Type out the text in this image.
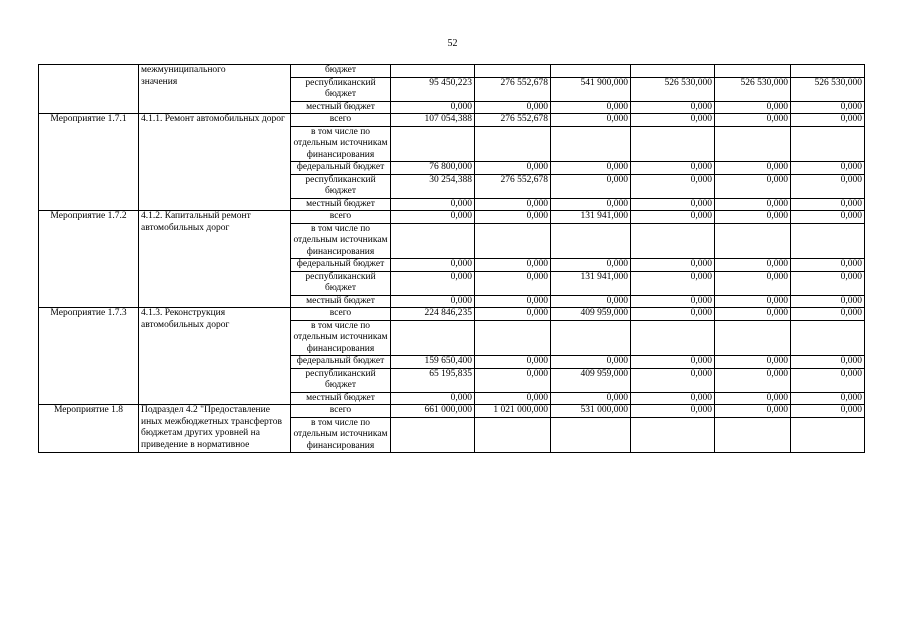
52

	межмуниципального
значения	бюджет						
		республиканский бюджет	95 450,223	276 552,678	541 900,000	526 530,000	526 530,000	526 530,000
		местный бюджет	0,000	0,000	0,000	0,000	0,000	0,000
Мероприятие 1.7.1	4.1.1. Ремонт автомобильных дорог	всего	107 054,388	276 552,678	0,000	0,000	0,000	0,000
		в том числе по отдельным источникам финансирования						
		федеральный бюджет	76 800,000	0,000	0,000	0,000	0,000	0,000
		республиканский бюджет	30 254,388	276 552,678	0,000	0,000	0,000	0,000
		местный бюджет	0,000	0,000	0,000	0,000	0,000	0,000
Мероприятие 1.7.2	4.1.2. Капитальный ремонт автомобильных дорог	всего	0,000	0,000	131 941,000	0,000	0,000	0,000
		в том числе по отдельным источникам финансирования						
		федеральный бюджет	0,000	0,000	0,000	0,000	0,000	0,000
		республиканский бюджет	0,000	0,000	131 941,000	0,000	0,000	0,000
		местный бюджет	0,000	0,000	0,000	0,000	0,000	0,000
Мероприятие 1.7.3	4.1.3. Реконструкция автомобильных дорог	всего	224 846,235	0,000	409 959,000	0,000	0,000	0,000
		в том числе по отдельным источникам финансирования						
		федеральный бюджет	159 650,400	0,000	0,000	0,000	0,000	0,000
		республиканский бюджет	65 195,835	0,000	409 959,000	0,000	0,000	0,000
		местный бюджет	0,000	0,000	0,000	0,000	0,000	0,000
Мероприятие 1.8	Подраздел 4.2 "Предоставление иных межбюджетных трансфертов бюджетам других уровней на приведение в нормативное	всего	661 000,000	1 021 000,000	531 000,000	0,000	0,000	0,000
		в том числе по отдельным источникам финансирования						
